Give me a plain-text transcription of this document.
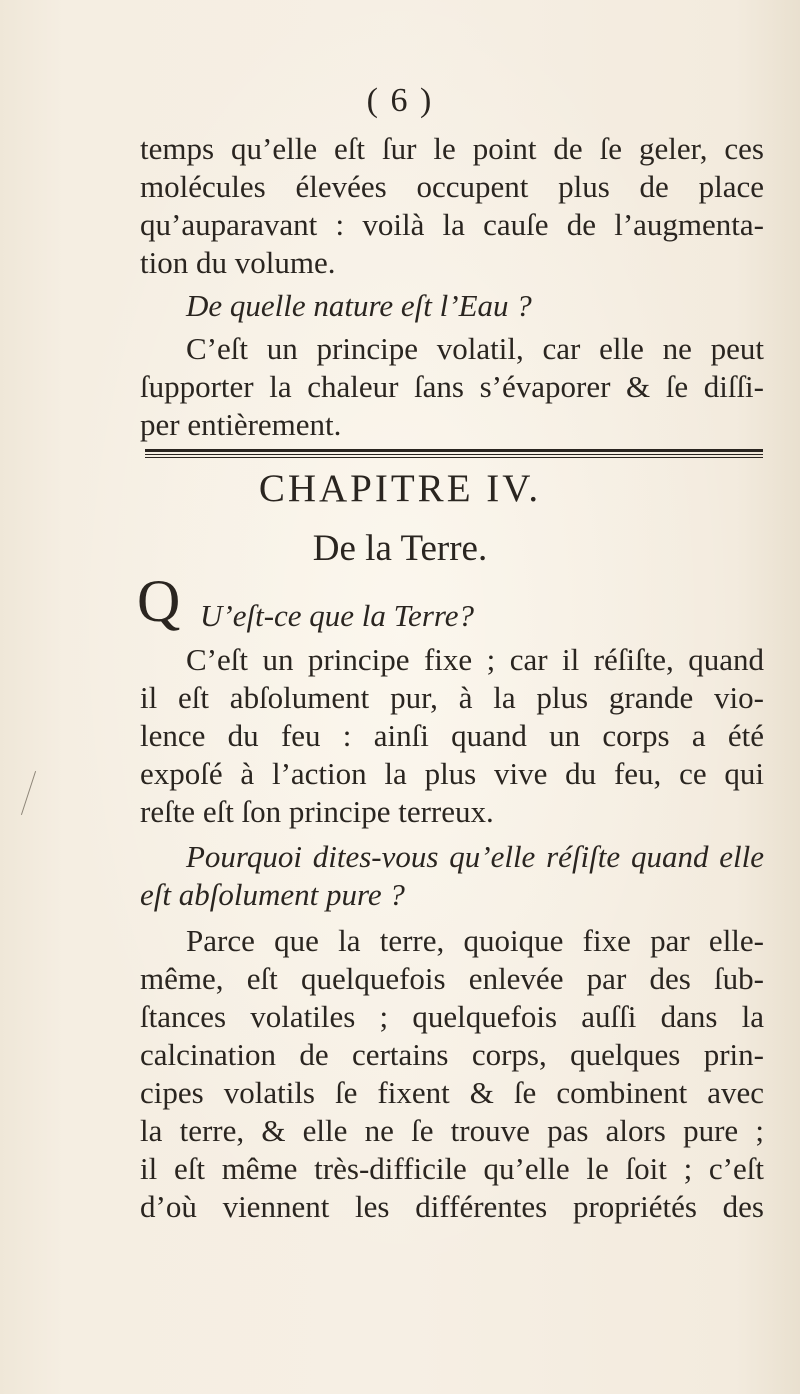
( 6 )
temps qu’elle eſt ſur le point de ſe geler, ces
molécules élevées occupent plus de place
qu’auparavant : voilà la cauſe de l’augmenta-
tion du volume.
De quelle nature eſt l’Eau ?
C’eſt un principe volatil, car elle ne peut
ſupporter la chaleur ſans s’évaporer & ſe diſſi-
per entièrement.
CHAPITRE IV.
De la Terre.
Q U’eſt-ce que la Terre?
C’eſt un principe fixe ; car il réſiſte, quand
il eſt abſolument pur, à la plus grande vio-
lence du feu : ainſi quand un corps a été
expoſé à l’action la plus vive du feu, ce qui
reſte eſt ſon principe terreux.
Pourquoi dites-vous qu’elle réſiſte quand elle
eſt abſolument pure ?
Parce que la terre, quoique fixe par elle-
même, eſt quelquefois enlevée par des ſub-
ſtances volatiles ; quelquefois auſſi dans la
calcination de certains corps, quelques prin-
cipes volatils ſe fixent & ſe combinent avec
la terre, & elle ne ſe trouve pas alors pure ;
il eſt même très-difficile qu’elle le ſoit ; c’eſt
d’où viennent les différentes propriétés des
